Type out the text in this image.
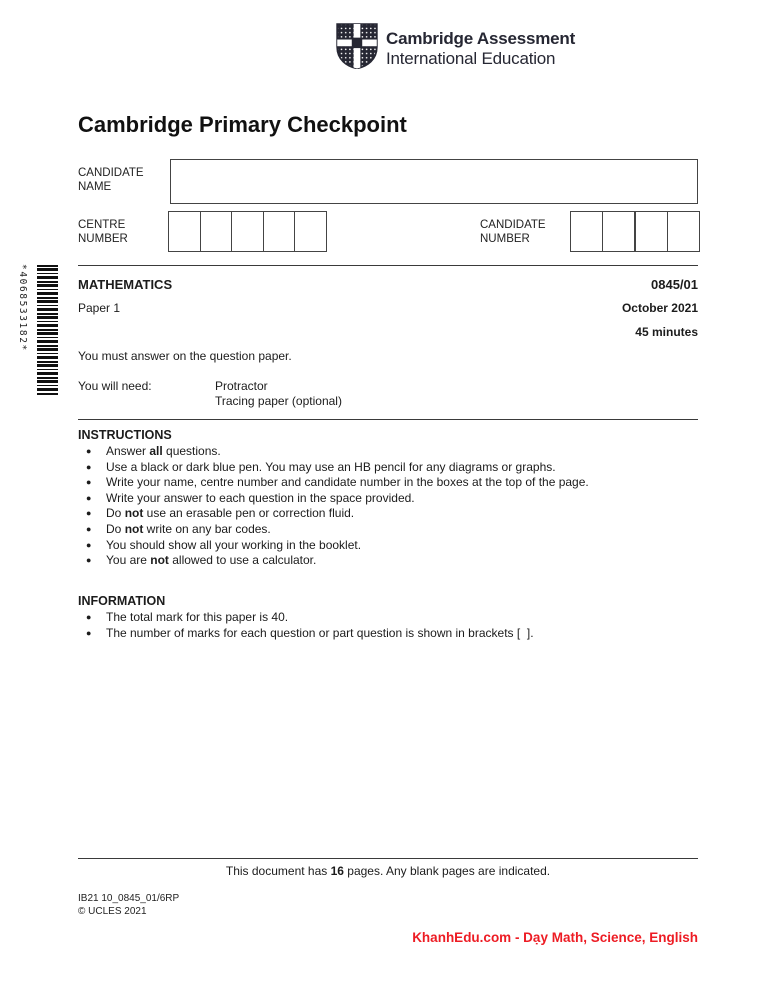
Cambridge Assessment
International Education
Cambridge Primary Checkpoint
CANDIDATE
NAME
CENTRE
NUMBER
CANDIDATE
NUMBER
*4068533182*	MATHEMATICS	0845/01
Paper 1	October 2021
45 minutes
You must answer on the question paper.
You will need:	Protractor
Tracing paper (optional)
INSTRUCTIONS
● Answer all questions.
● Use a black or dark blue pen. You may use an HB pencil for any diagrams or graphs.
● Write your name, centre number and candidate number in the boxes at the top of the page.
● Write your answer to each question in the space provided.
● Do not use an erasable pen or correction fluid.
● Do not write on any bar codes.
● You should show all your working in the booklet.
● You are not allowed to use a calculator.
INFORMATION
● The total mark for this paper is 40.
● The number of marks for each question or part question is shown in brackets [  ].
This document has 16 pages. Any blank pages are indicated.
IB21 10_0845_01/6RP
© UCLES 2021
KhanhEdu.com - Dạy Math, Science, English
